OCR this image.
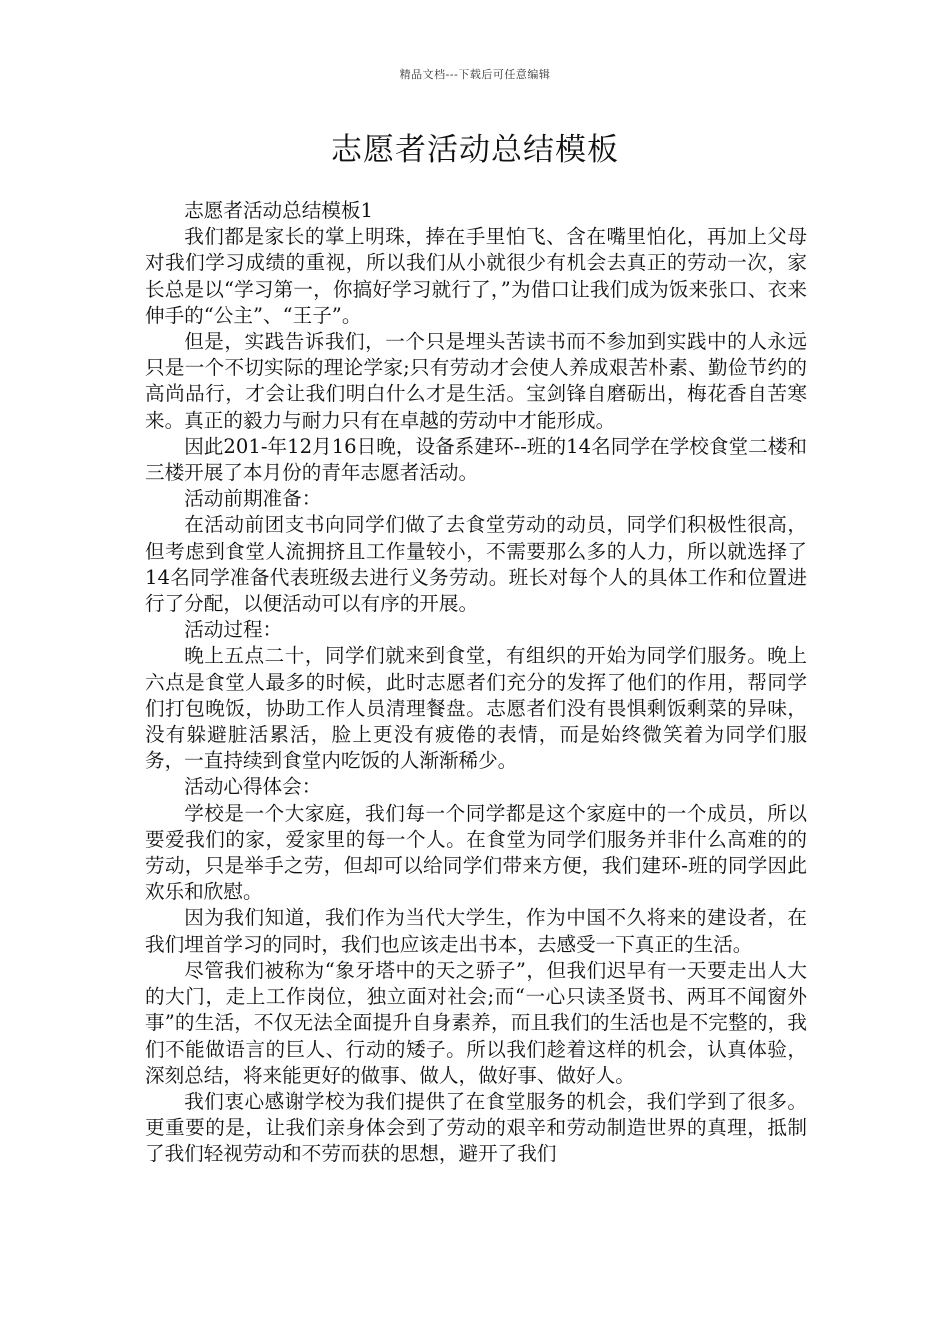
精品文档---下载后可任意编辑
志愿者活动总结模板

志愿者活动总结模板1

我们都是家长的掌上明珠，捧在手里怕飞、含在嘴里怕化，再加上父母对我们学习成绩的重视，所以我们从小就很少有机会去真正的劳动一次，家长总是以“学习第一，你搞好学习就行了，”为借口让我们成为饭来张口、衣来伸手的“公主”、“王子”。

但是，实践告诉我们，一个只是埋头苦读书而不参加到实践中的人永远只是一个不切实际的理论学家;只有劳动才会使人养成艰苦朴素、勤俭节约的高尚品行，才会让我们明白什么才是生活。宝剑锋自磨砺出，梅花香自苦寒来。真正的毅力与耐力只有在卓越的劳动中才能形成。

因此201-年12月16日晚，设备系建环--班的14名同学在学校食堂二楼和三楼开展了本月份的青年志愿者活动。

活动前期准备：

在活动前团支书向同学们做了去食堂劳动的动员，同学们积极性很高，但考虑到食堂人流拥挤且工作量较小，不需要那么多的人力，所以就选择了14名同学准备代表班级去进行义务劳动。班长对每个人的具体工作和位置进行了分配，以便活动可以有序的开展。

活动过程：

晚上五点二十，同学们就来到食堂，有组织的开始为同学们服务。晚上六点是食堂人最多的时候，此时志愿者们充分的发挥了他们的作用，帮同学们打包晚饭，协助工作人员清理餐盘。志愿者们没有畏惧剩饭剩菜的异味，没有躲避脏活累活，脸上更没有疲倦的表情，而是始终微笑着为同学们服务，一直持续到食堂内吃饭的人渐渐稀少。

活动心得体会：

学校是一个大家庭，我们每一个同学都是这个家庭中的一个成员，所以要爱我们的家，爱家里的每一个人。在食堂为同学们服务并非什么高难的的劳动，只是举手之劳，但却可以给同学们带来方便，我们建环-班的同学因此欢乐和欣慰。

因为我们知道，我们作为当代大学生，作为中国不久将来的建设者，在我们埋首学习的同时，我们也应该走出书本，去感受一下真正的生活。

尽管我们被称为“象牙塔中的天之骄子”，但我们迟早有一天要走出人大的大门，走上工作岗位，独立面对社会;而“一心只读圣贤书、两耳不闻窗外事”的生活，不仅无法全面提升自身素养，而且我们的生活也是不完整的，我们不能做语言的巨人、行动的矮子。所以我们趁着这样的机会，认真体验，深刻总结，将来能更好的做事、做人，做好事、做好人。

我们衷心感谢学校为我们提供了在食堂服务的机会，我们学到了很多。更重要的是，让我们亲身体会到了劳动的艰辛和劳动制造世界的真理，抵制了我们轻视劳动和不劳而获的思想，避开了我们
